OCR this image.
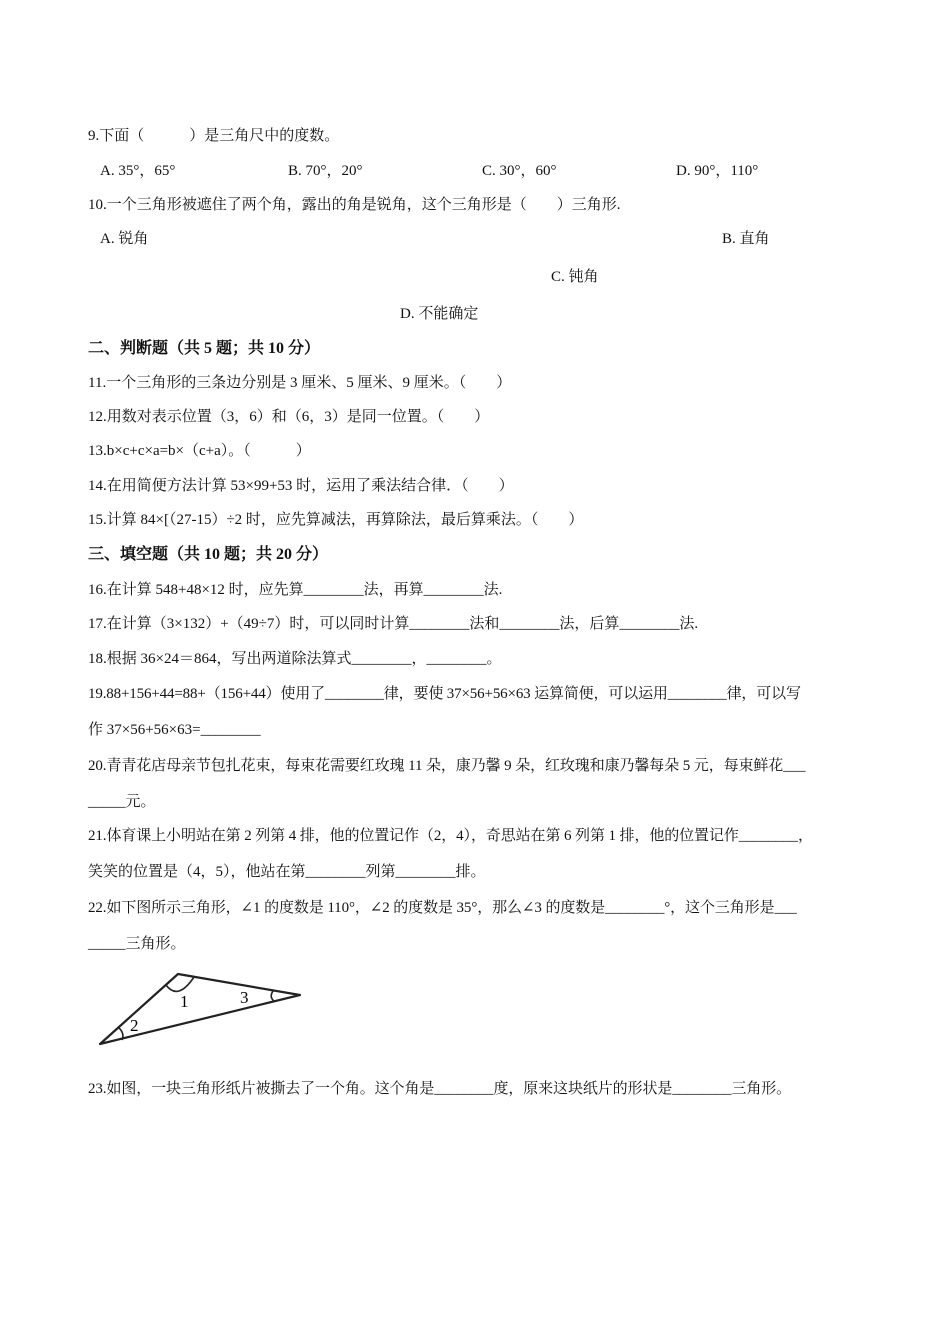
9.下面（　　　）是三角尺中的度数。
A. 35°，65°	B. 70°，20°	C. 30°，60°	D. 90°，110°
10.一个三角形被遮住了两个角，露出的角是锐角，这个三角形是（　　）三角形.
A. 锐角	B. 直角
C. 钝角
D. 不能确定
二、判断题（共 5 题；共 10 分）
11.一个三角形的三条边分别是 3 厘米、5 厘米、9 厘米。（　　）
12.用数对表示位置（3，6）和（6，3）是同一位置。（　　）
13.b×c+c×a=b×（c+a）。（　　　）
14.在用简便方法计算 53×99+53 时，运用了乘法结合律．（　　）
15.计算 84×[（27-15）÷2 时，应先算减法，再算除法，最后算乘法。（　　）
三、填空题（共 10 题；共 20 分）
16.在计算 548+48×12 时，应先算________法，再算________法.
17.在计算（3×132）+（49÷7）时，可以同时计算________法和________法，后算________法.
18.根据 36×24＝864，写出两道除法算式________，________。
19.88+156+44=88+（156+44）使用了________律，要使 37×56+56×63 运算简便，可以运用________律，可以写
作 37×56+56×63=________
20.青青花店母亲节包扎花束，每束花需要红玫瑰 11 朵，康乃馨 9 朵，红玫瑰和康乃馨每朵 5 元，每束鲜花___
_____元。
21.体育课上小明站在第 2 列第 4 排，他的位置记作（2，4），奇思站在第 6 列第 1 排，他的位置记作________，
笑笑的位置是（4，5），他站在第________列第________排。
22.如下图所示三角形，∠1 的度数是 110°，∠2 的度数是 35°，那么∠3 的度数是________°，这个三角形是___
_____三角形。
1
2
3
23.如图，一块三角形纸片被撕去了一个角。这个角是________度，原来这块纸片的形状是________三角形。
